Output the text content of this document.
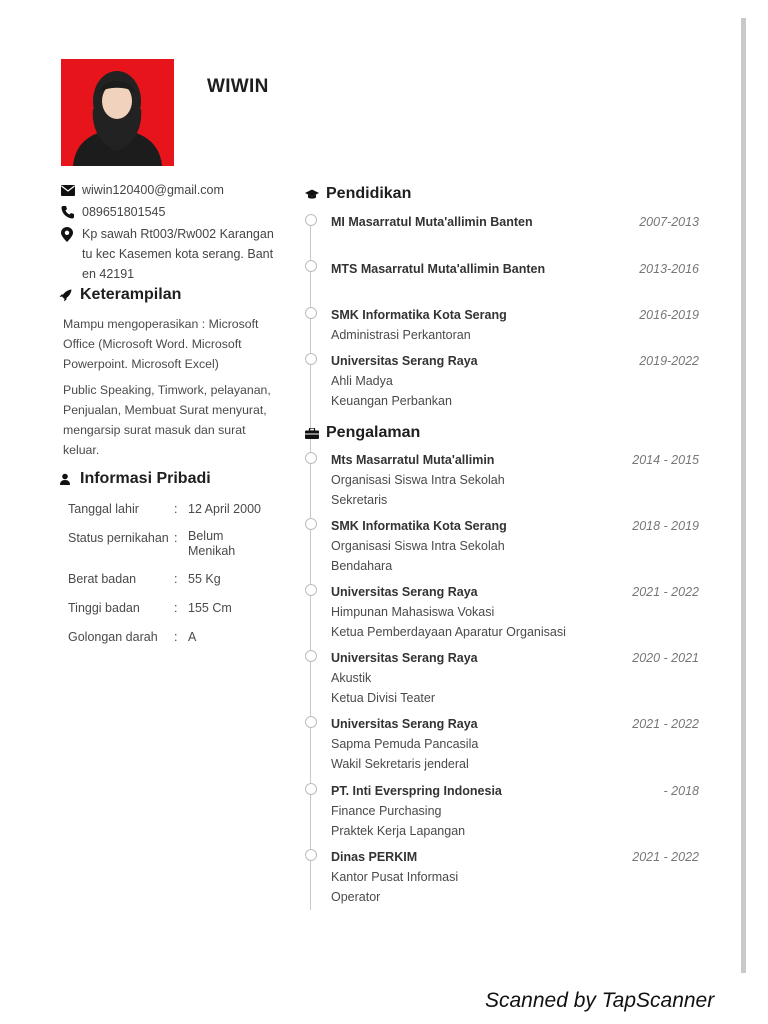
WIWIN
wiwin120400@gmail.com
089651801545
Kp sawah Rt003/Rw002 Karangan tu kec Kasemen kota serang. Bant en 42191
Keterampilan

Mampu mengoperasikan : Microsoft Office (Microsoft Word. Microsoft Powerpoint. Microsoft Excel)

Public Speaking, Timwork, pelayanan, Penjualan, Membuat Surat menyurat, mengarsip surat masuk dan surat keluar.

Informasi Pribadi
Tanggal lahir	: 12 April 2000
Status pernikahan : Belum Menikah
Berat badan	: 55 Kg
Tinggi badan	: 155 Cm
Golongan darah	: A
Pendidikan
MI Masarratul Muta'allimin Banten	2007-2013
MTS Masarratul Muta'allimin Banten	2013-2016
SMK Informatika Kota Serang	2016-2019
Administrasi Perkantoran
Universitas Serang Raya	2019-2022
Ahli Madya
Keuangan Perbankan
Pengalaman
Mts Masarratul Muta'allimin	2014 - 2015
Organisasi Siswa Intra Sekolah
Sekretaris
SMK Informatika Kota Serang	2018 - 2019
Organisasi Siswa Intra Sekolah
Bendahara
Universitas Serang Raya	2021 - 2022
Himpunan Mahasiswa Vokasi
Ketua Pemberdayaan Aparatur Organisasi
Universitas Serang Raya	2020 - 2021
Akustik
Ketua Divisi Teater
Universitas Serang Raya	2021 - 2022
Sapma Pemuda Pancasila
Wakil Sekretaris jenderal
PT. Inti Everspring Indonesia	- 2018
Finance Purchasing
Praktek Kerja Lapangan
Dinas PERKIM	2021 - 2022
Kantor Pusat Informasi
Operator
Scanned by TapScanner
